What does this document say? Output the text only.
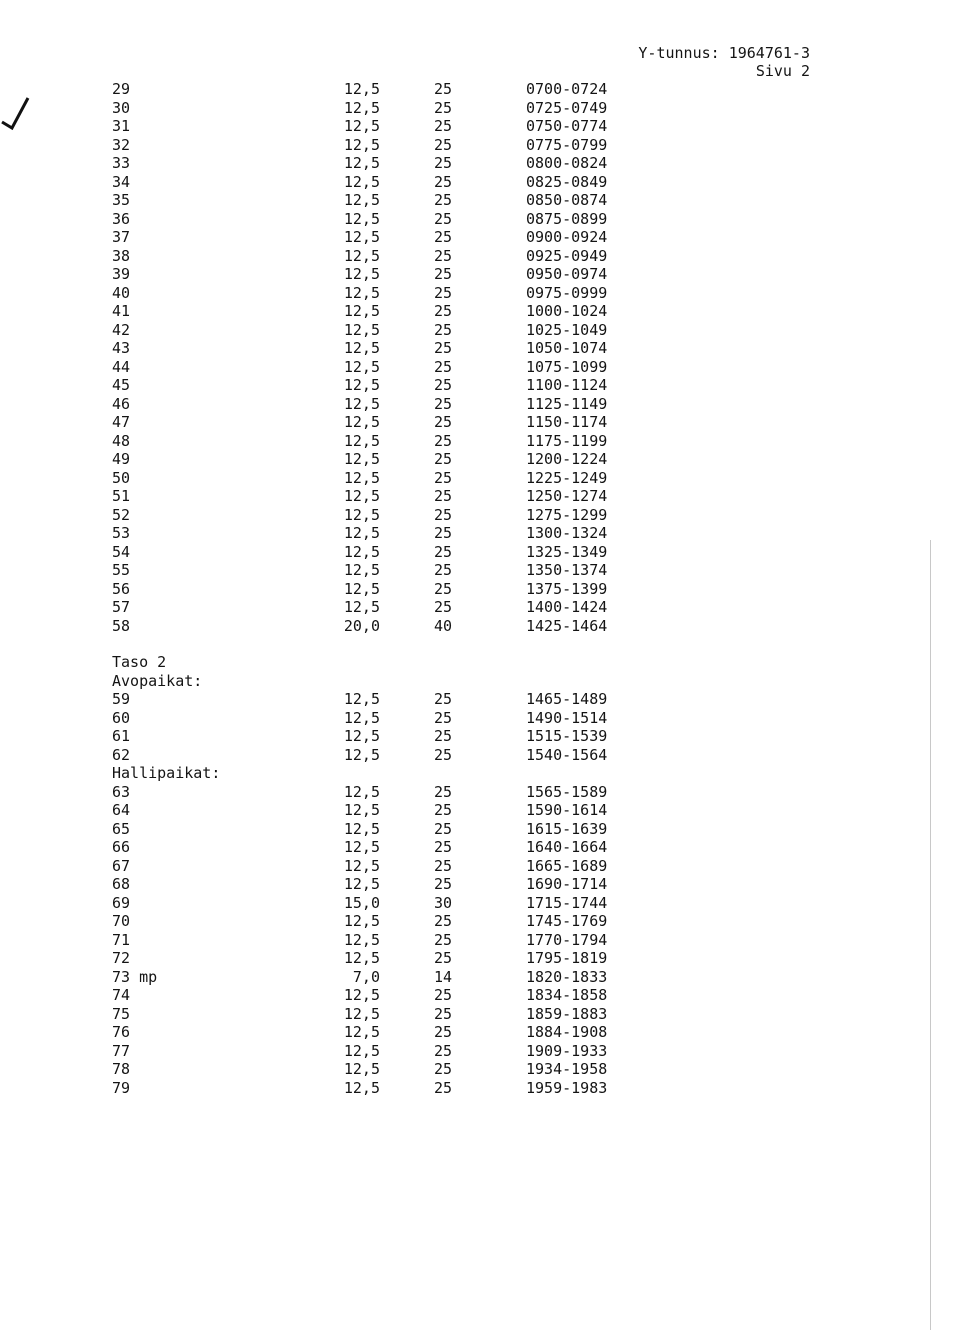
Y-tunnus: 1964761-3
Sivu 2
29	12,5	25	0700-0724
30	12,5	25	0725-0749
31	12,5	25	0750-0774
32	12,5	25	0775-0799
33	12,5	25	0800-0824
34	12,5	25	0825-0849
35	12,5	25	0850-0874
36	12,5	25	0875-0899
37	12,5	25	0900-0924
38	12,5	25	0925-0949
39	12,5	25	0950-0974
40	12,5	25	0975-0999
41	12,5	25	1000-1024
42	12,5	25	1025-1049
43	12,5	25	1050-1074
44	12,5	25	1075-1099
45	12,5	25	1100-1124
46	12,5	25	1125-1149
47	12,5	25	1150-1174
48	12,5	25	1175-1199
49	12,5	25	1200-1224
50	12,5	25	1225-1249
51	12,5	25	1250-1274
52	12,5	25	1275-1299
53	12,5	25	1300-1324
54	12,5	25	1325-1349
55	12,5	25	1350-1374
56	12,5	25	1375-1399
57	12,5	25	1400-1424
58	20,0	40	1425-1464
Taso 2
Avopaikat:
59	12,5	25	1465-1489
60	12,5	25	1490-1514
61	12,5	25	1515-1539
62	12,5	25	1540-1564
Hallipaikat:
63	12,5	25	1565-1589
64	12,5	25	1590-1614
65	12,5	25	1615-1639
66	12,5	25	1640-1664
67	12,5	25	1665-1689
68	12,5	25	1690-1714
69	15,0	30	1715-1744
70	12,5	25	1745-1769
71	12,5	25	1770-1794
72	12,5	25	1795-1819
73 mp	7,0	14	1820-1833
74	12,5	25	1834-1858
75	12,5	25	1859-1883
76	12,5	25	1884-1908
77	12,5	25	1909-1933
78	12,5	25	1934-1958
79	12,5	25	1959-1983
